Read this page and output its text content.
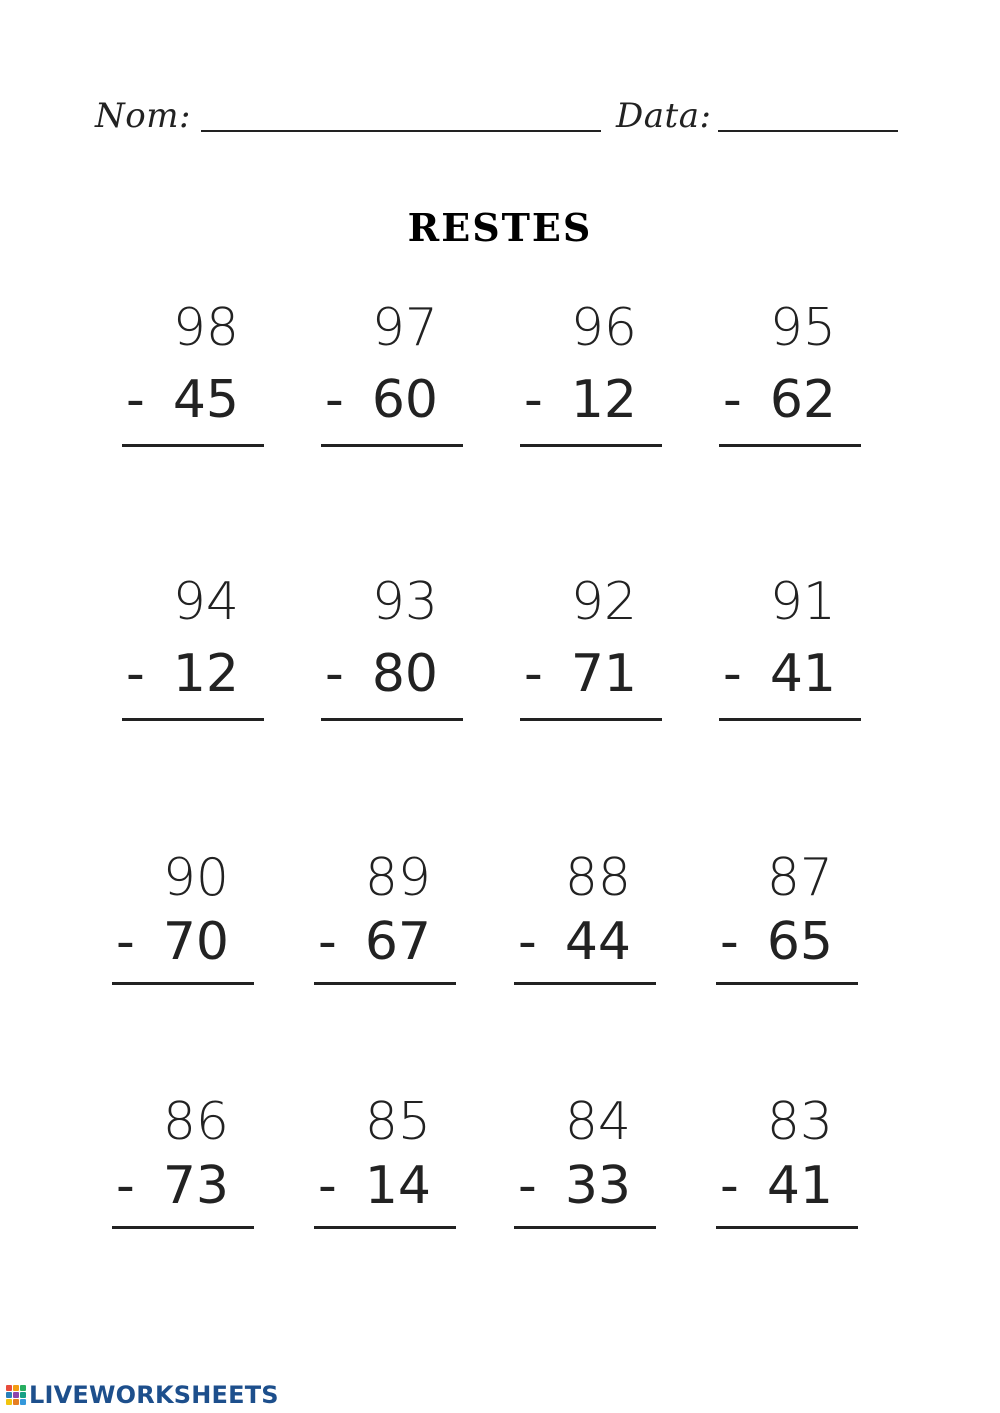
Nom:	Data:
RESTES
98
- 45
97
- 60
96
- 12
95
- 62
94
- 12
93
- 80
92
- 71
91
- 41
90
- 70
89
- 67
88
- 44
87
- 65
86
- 73
85
- 14
84
- 33
83
- 41
LIVEWORKSHEETS
